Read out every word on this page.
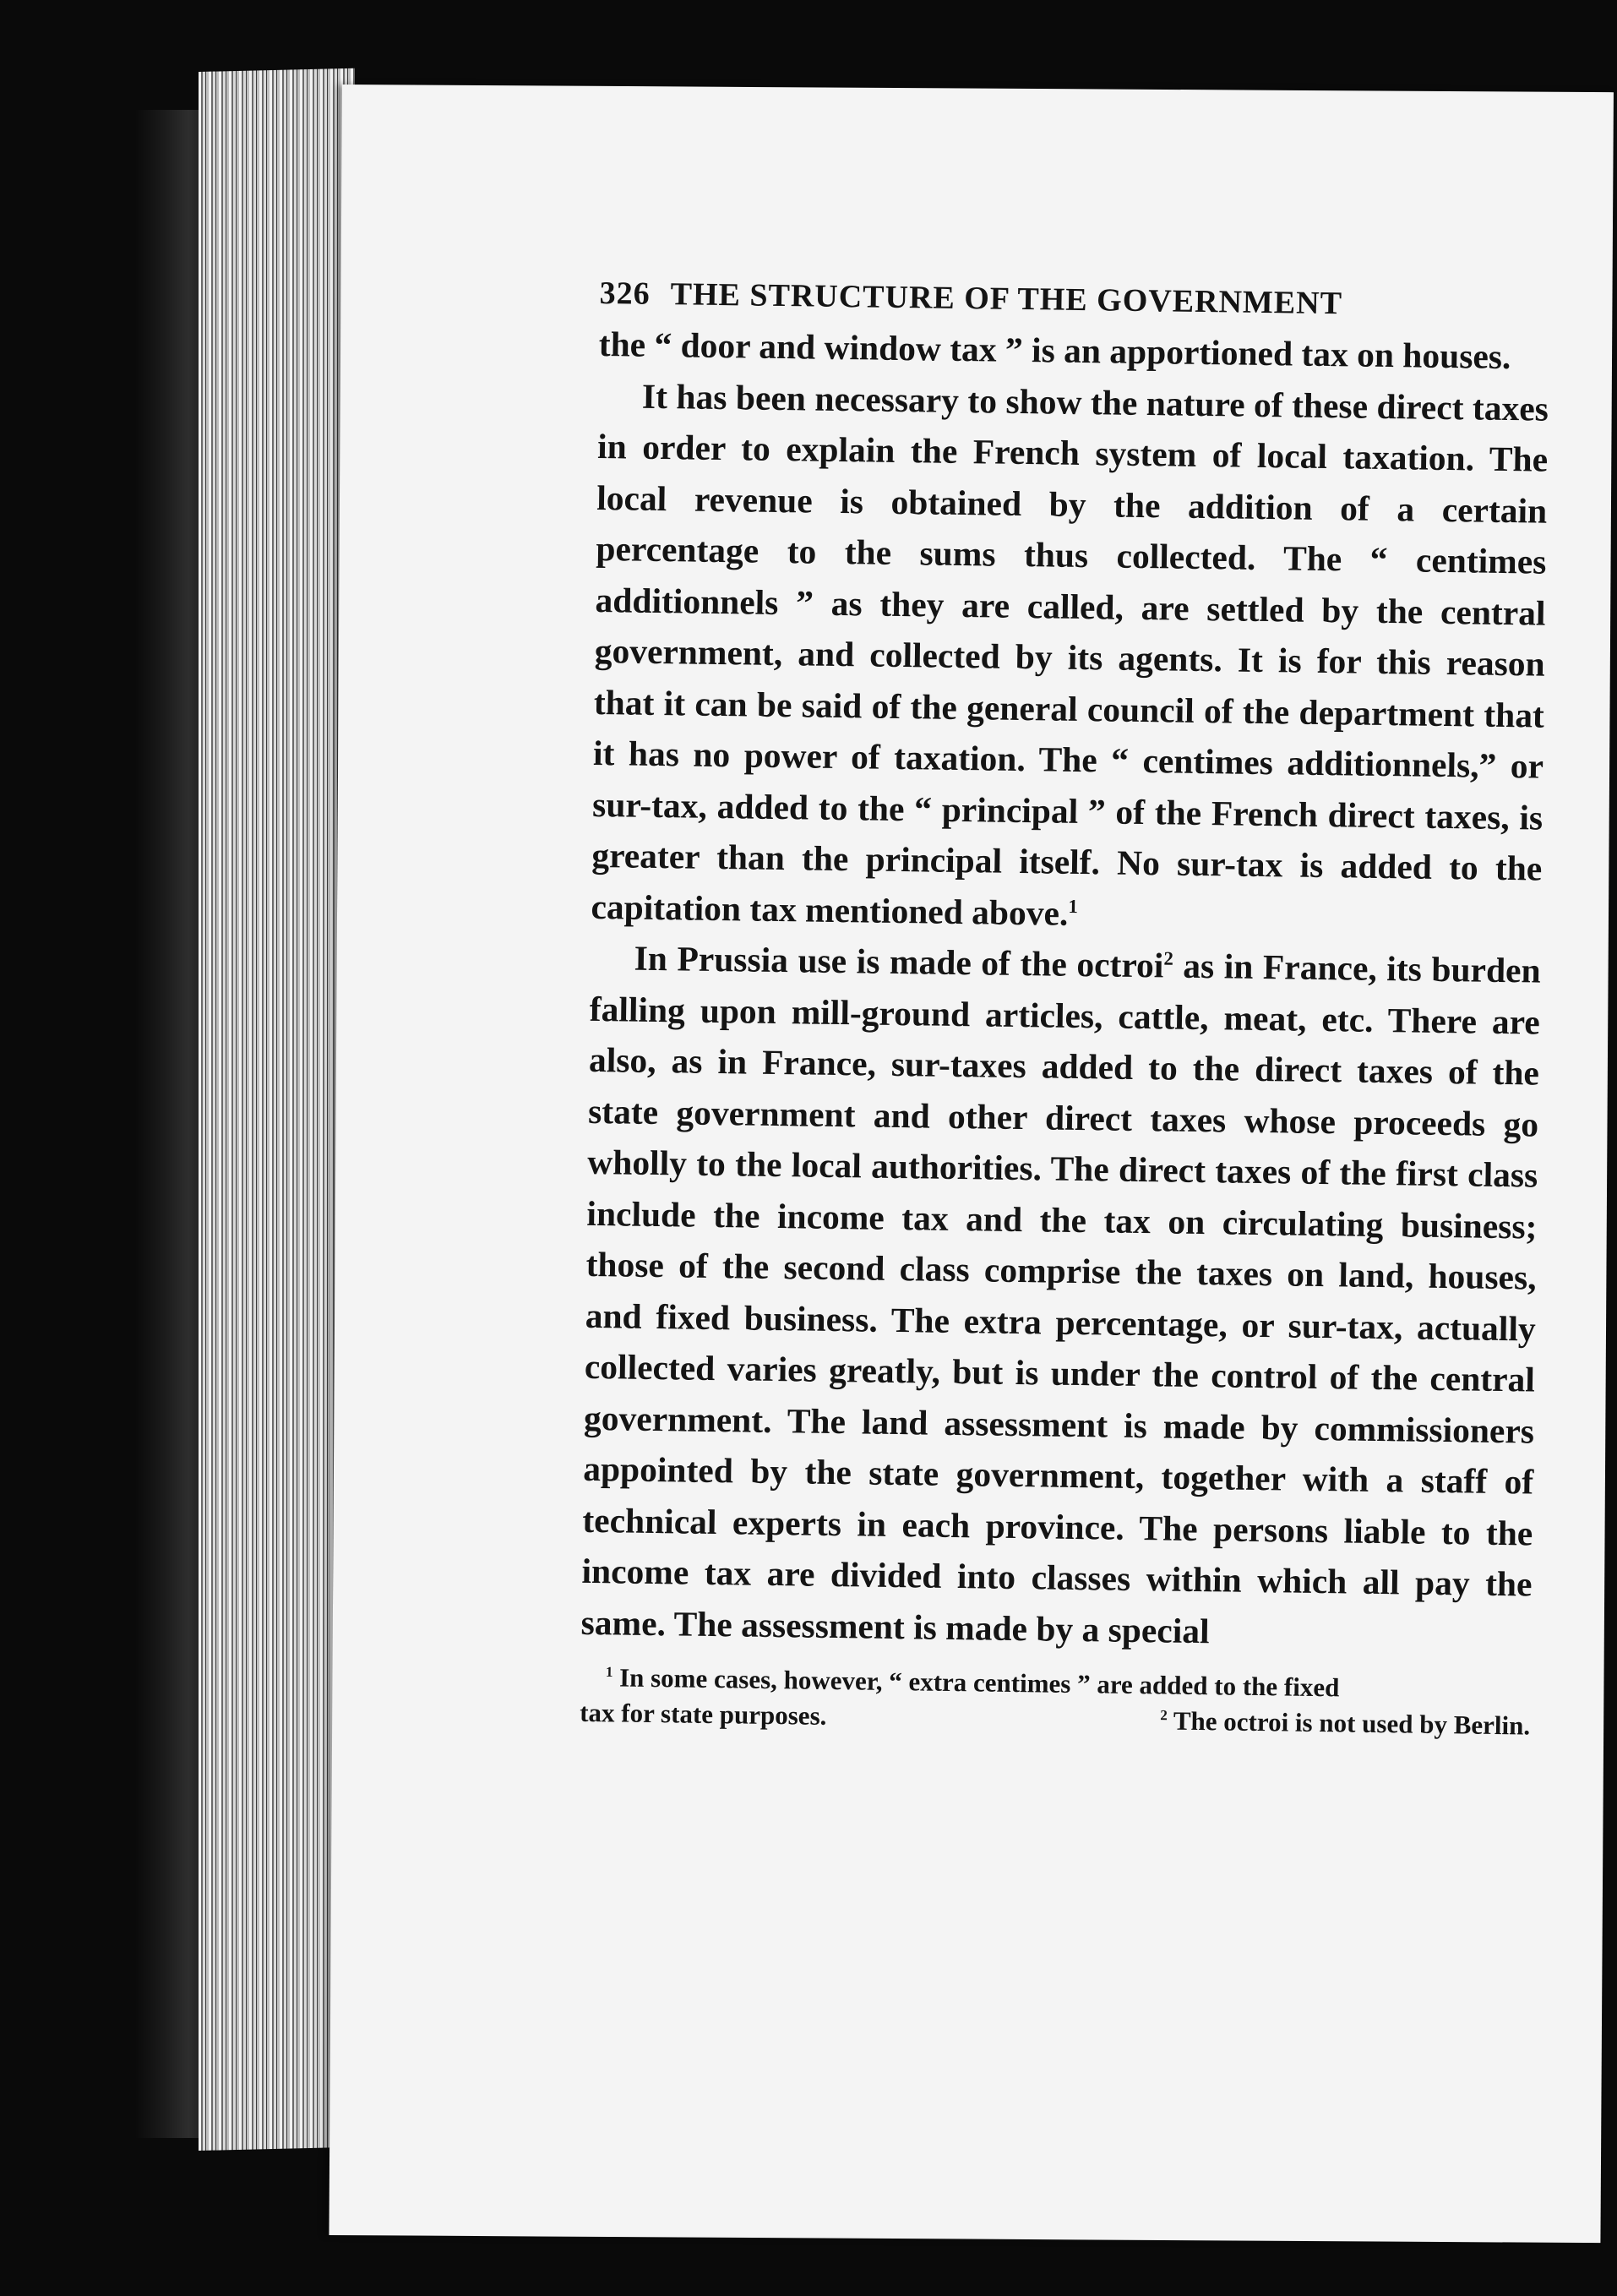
326 THE STRUCTURE OF THE GOVERNMENT

the “ door and window tax ” is an apportioned tax on houses.

It has been necessary to show the nature of these direct taxes in order to explain the French system of local taxation. The local revenue is obtained by the addition of a certain percentage to the sums thus collected. The “ centimes additionnels ” as they are called, are settled by the central government, and collected by its agents. It is for this reason that it can be said of the general council of the department that it has no power of taxation. The “ centimes additionnels,” or sur-tax, added to the “ principal ” of the French direct taxes, is greater than the principal itself. No sur-tax is added to the capitation tax mentioned above.$^1$

In Prussia use is made of the octroi$^2$ as in France, its burden falling upon mill-ground articles, cattle, meat, etc. There are also, as in France, sur-taxes added to the direct taxes of the state government and other direct taxes whose proceeds go wholly to the local authorities. The direct taxes of the first class include the income tax and the tax on circulating business; those of the second class comprise the taxes on land, houses, and fixed business. The extra percentage, or sur-tax, actually collected varies greatly, but is under the control of the central government. The land assessment is made by commissioners appointed by the state government, together with a staff of technical experts in each province. The persons liable to the income tax are divided into classes within which all pay the same. The assessment is made by a special

$^1$ In some cases, however, “ extra centimes ” are added to the fixed
tax for state purposes.	$^2$ The octroi is not used by Berlin.
